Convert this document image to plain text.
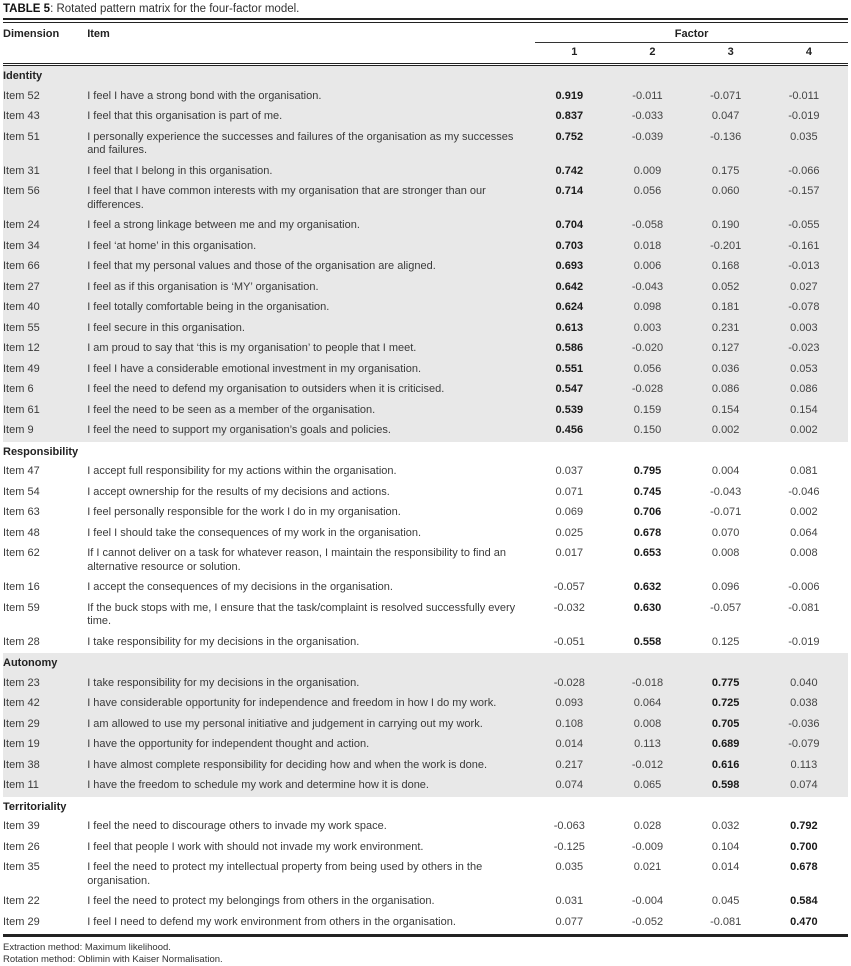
TABLE 5: Rotated pattern matrix for the four-factor model.
Dimension	Item	Factor			
		1	2	3	4
Identity					
Item 52	I feel I have a strong bond with the organisation.	0.919	-0.011	-0.071	-0.011
Item 43	I feel that this organisation is part of me.	0.837	-0.033	0.047	-0.019
Item 51	I personally experience the successes and failures of the organisation as my successes and failures.	0.752	-0.039	-0.136	0.035
Item 31	I feel that I belong in this organisation.	0.742	0.009	0.175	-0.066
Item 56	I feel that I have common interests with my organisation that are stronger than our differences.	0.714	0.056	0.060	-0.157
Item 24	I feel a strong linkage between me and my organisation.	0.704	-0.058	0.190	-0.055
Item 34	I feel ‘at home’ in this organisation.	0.703	0.018	-0.201	-0.161
Item 66	I feel that my personal values and those of the organisation are aligned.	0.693	0.006	0.168	-0.013
Item 27	I feel as if this organisation is ‘MY’ organisation.	0.642	-0.043	0.052	0.027
Item 40	I feel totally comfortable being in the organisation.	0.624	0.098	0.181	-0.078
Item 55	I feel secure in this organisation.	0.613	0.003	0.231	0.003
Item 12	I am proud to say that ‘this is my organisation’ to people that I meet.	0.586	-0.020	0.127	-0.023
Item 49	I feel I have a considerable emotional investment in my organisation.	0.551	0.056	0.036	0.053
Item 6	I feel the need to defend my organisation to outsiders when it is criticised.	0.547	-0.028	0.086	0.086
Item 61	I feel the need to be seen as a member of the organisation.	0.539	0.159	0.154	0.154
Item 9	I feel the need to support my organisation’s goals and policies.	0.456	0.150	0.002	0.002
Responsibility					
Item 47	I accept full responsibility for my actions within the organisation.	0.037	0.795	0.004	0.081
Item 54	I accept ownership for the results of my decisions and actions.	0.071	0.745	-0.043	-0.046
Item 63	I feel personally responsible for the work I do in my organisation.	0.069	0.706	-0.071	0.002
Item 48	I feel I should take the consequences of my work in the organisation.	0.025	0.678	0.070	0.064
Item 62	If I cannot deliver on a task for whatever reason, I maintain the responsibility to find an alternative resource or solution.	0.017	0.653	0.008	0.008
Item 16	I accept the consequences of my decisions in the organisation.	-0.057	0.632	0.096	-0.006
Item 59	If the buck stops with me, I ensure that the task/complaint is resolved successfully every time.	-0.032	0.630	-0.057	-0.081
Item 28	I take responsibility for my decisions in the organisation.	-0.051	0.558	0.125	-0.019
Autonomy					
Item 23	I take responsibility for my decisions in the organisation.	-0.028	-0.018	0.775	0.040
Item 42	I have considerable opportunity for independence and freedom in how I do my work.	0.093	0.064	0.725	0.038
Item 29	I am allowed to use my personal initiative and judgement in carrying out my work.	0.108	0.008	0.705	-0.036
Item 19	I have the opportunity for independent thought and action.	0.014	0.113	0.689	-0.079
Item 38	I have almost complete responsibility for deciding how and when the work is done.	0.217	-0.012	0.616	0.113
Item 11	I have the freedom to schedule my work and determine how it is done.	0.074	0.065	0.598	0.074
Territoriality					
Item 39	I feel the need to discourage others to invade my work space.	-0.063	0.028	0.032	0.792
Item 26	I feel that people I work with should not invade my work environment.	-0.125	-0.009	0.104	0.700
Item 35	I feel the need to protect my intellectual property from being used by others in the organisation.	0.035	0.021	0.014	0.678
Item 22	I feel the need to protect my belongings from others in the organisation.	0.031	-0.004	0.045	0.584
Item 29	I feel I need to defend my work environment from others in the organisation.	0.077	-0.052	-0.081	0.470
Extraction method: Maximum likelihood.
Rotation method: Oblimin with Kaiser Normalisation.
